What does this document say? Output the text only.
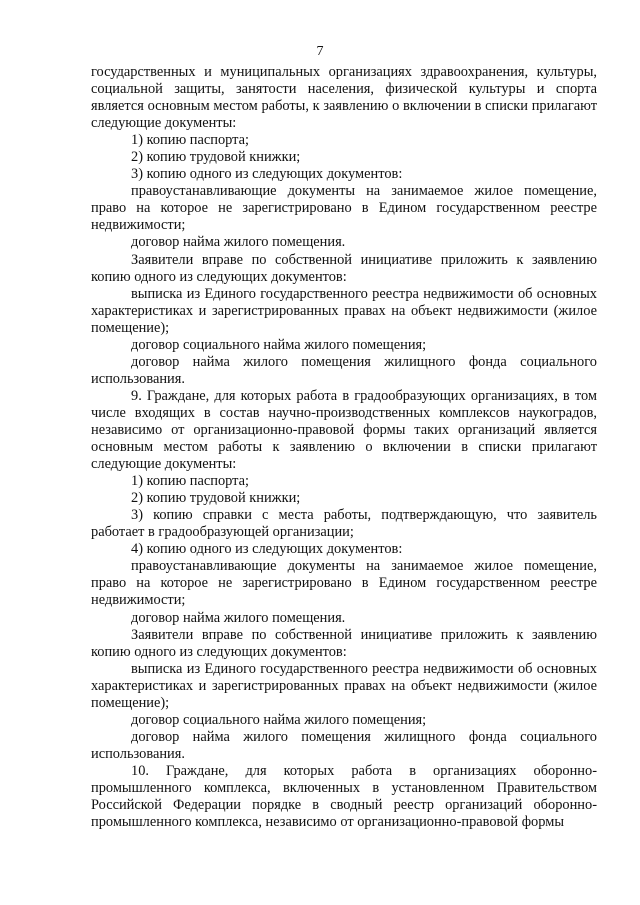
7

государственных и муниципальных организациях здравоохранения, культуры, социальной защиты, занятости населения, физической культуры и спорта является основным местом работы, к заявлению о включении в списки прилагают следующие документы:

1) копию паспорта;

2) копию трудовой книжки;

3) копию одного из следующих документов:

правоустанавливающие документы на занимаемое жилое помещение, право на которое не зарегистрировано в Едином государственном реестре недвижимости;

договор найма жилого помещения.

Заявители вправе по собственной инициативе приложить к заявлению копию одного из следующих документов:

выписка из Единого государственного реестра недвижимости об основных характеристиках и зарегистрированных правах на объект недвижимости (жилое помещение);

договор социального найма жилого помещения;

договор найма жилого помещения жилищного фонда социального использования.

9. Граждане, для которых работа в градообразующих организациях, в том числе входящих в состав научно-производственных комплексов наукоградов, независимо от организационно-правовой формы таких организаций является основным местом работы к заявлению о включении в списки прилагают следующие документы:

1) копию паспорта;

2) копию трудовой книжки;

3) копию справки с места работы, подтверждающую, что заявитель работает в градообразующей организации;

4) копию одного из следующих документов:

правоустанавливающие документы на занимаемое жилое помещение, право на которое не зарегистрировано в Едином государственном реестре недвижимости;

договор найма жилого помещения.

Заявители вправе по собственной инициативе приложить к заявлению копию одного из следующих документов:

выписка из Единого государственного реестра недвижимости об основных характеристиках и зарегистрированных правах на объект недвижимости (жилое помещение);

договор социального найма жилого помещения;

договор найма жилого помещения жилищного фонда социального использования.

10. Граждане, для которых работа в организациях оборонно-промышленного комплекса, включенных в установленном Правительством Российской Федерации порядке в сводный реестр организаций оборонно-промышленного комплекса, независимо от организационно-правовой формы
